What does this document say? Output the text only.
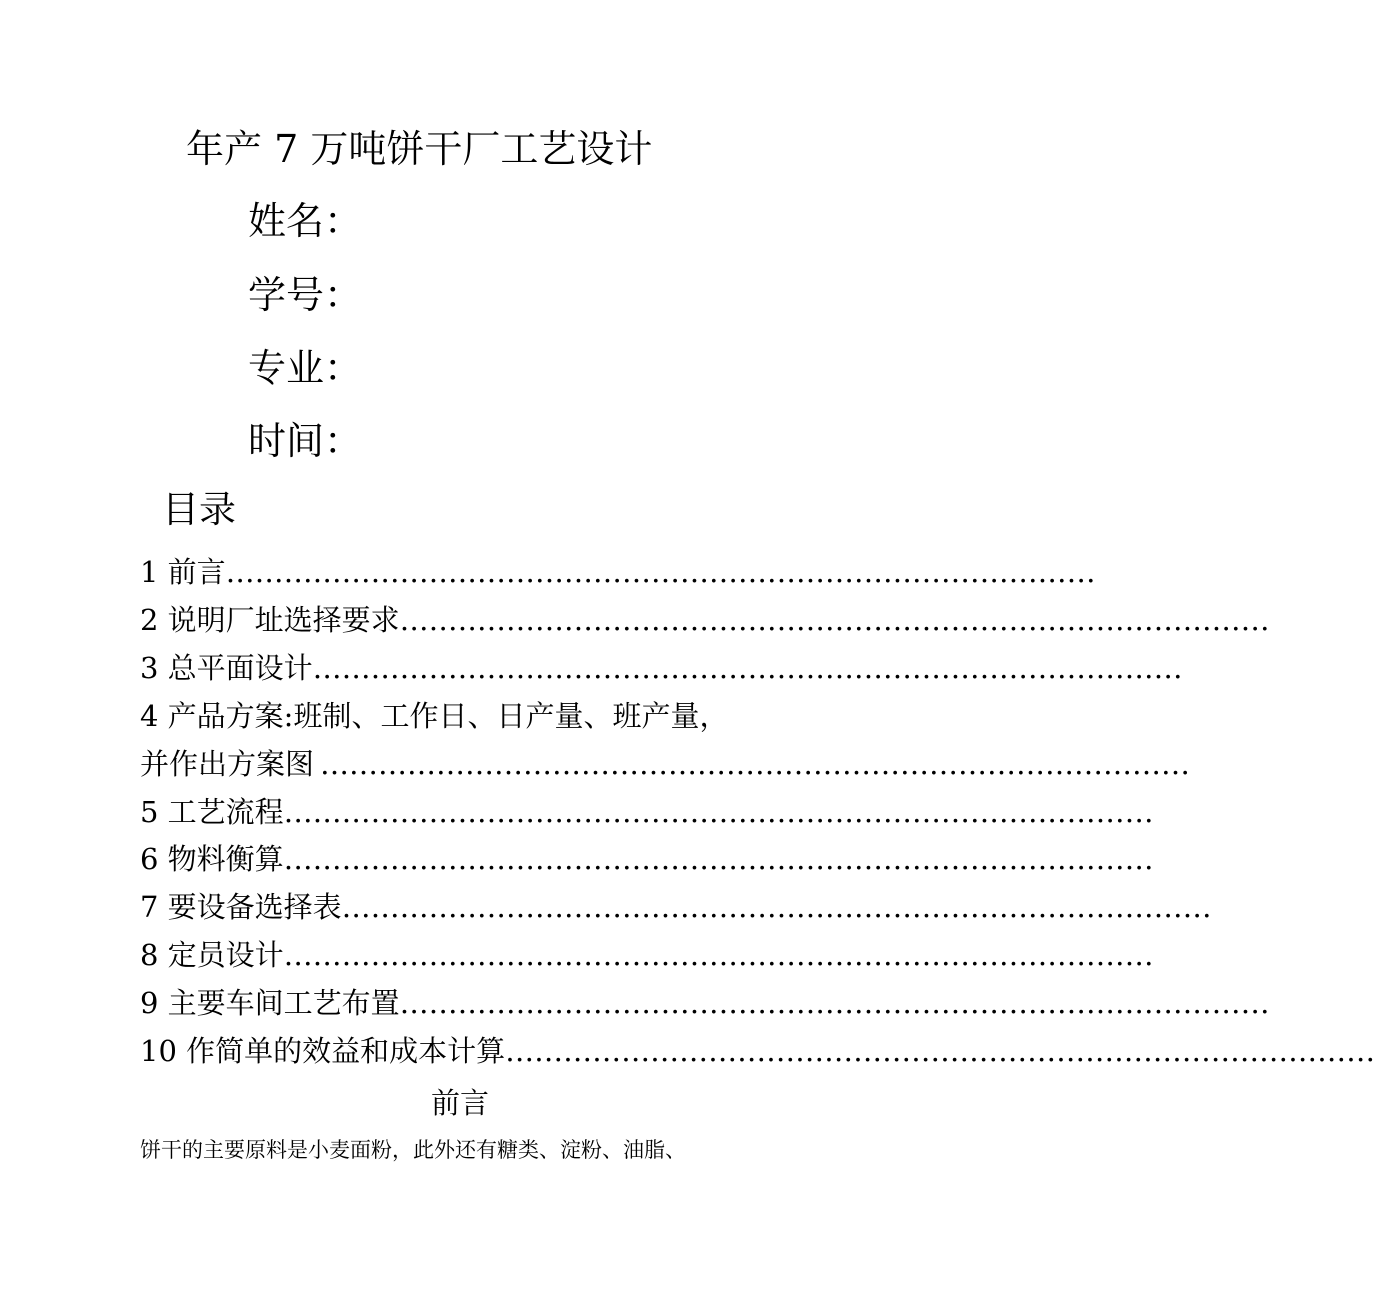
年产 7 万吨饼干厂工艺设计
姓名：
学号：
专业：
时间：
目录
1 前言 ………………………………………………………………………………
2 说明厂址选择要求 ………………………………………………………………………………
3 总平面设计 ………………………………………………………………………………
4 产品方案:班制、工作日、日产量、班产量，
并作出方案图 ………………………………………………………………………………
5 工艺流程 ………………………………………………………………………………
6 物料衡算 ………………………………………………………………………………
7 要设备选择表 ………………………………………………………………………………
8 定员设计 ………………………………………………………………………………
9 主要车间工艺布置 ………………………………………………………………………………
10 作简单的效益和成本计算 ………………………………………………………………………………
前言
饼干的主要原料是小麦面粉，此外还有糖类、淀粉、油脂、
